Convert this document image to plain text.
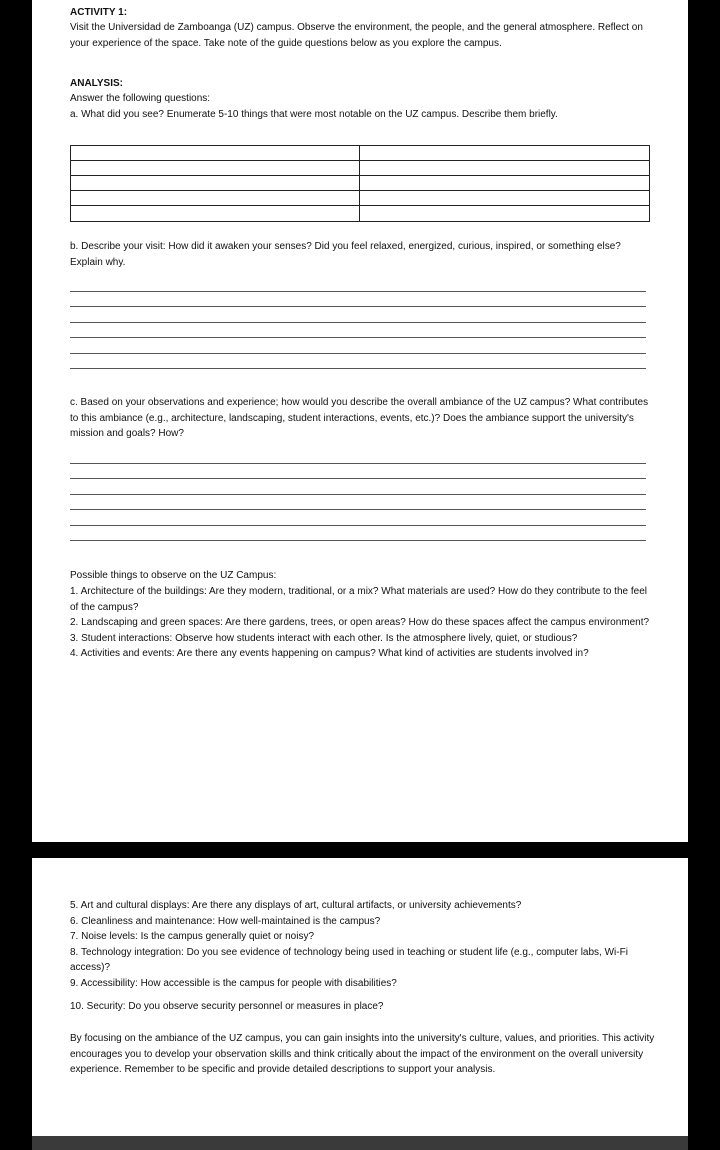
ACTIVITY 1:

Visit the Universidad de Zamboanga (UZ) campus. Observe the environment, the people, and the general atmosphere. Reflect on your experience of the space. Take note of the guide questions below as you explore the campus.

ANALYSIS:

Answer the following questions:

a. What did you see? Enumerate 5-10 things that were most notable on the UZ campus. Describe them briefly.

b. Describe your visit: How did it awaken your senses? Did you feel relaxed, energized, curious, inspired, or something else? Explain why.

c. Based on your observations and experience; how would you describe the overall ambiance of the UZ campus? What contributes to this ambiance (e.g., architecture, landscaping, student interactions, events, etc.)? Does the ambiance support the university's mission and goals? How?

Possible things to observe on the UZ Campus:

1. Architecture of the buildings: Are they modern, traditional, or a mix? What materials are used? How do they contribute to the feel of the campus?
2. Landscaping and green spaces: Are there gardens, trees, or open areas? How do these spaces affect the campus environment?
3. Student interactions: Observe how students interact with each other. Is the atmosphere lively, quiet, or studious?
4. Activities and events: Are there any events happening on campus? What kind of activities are students involved in?
5. Art and cultural displays: Are there any displays of art, cultural artifacts, or university achievements?
6. Cleanliness and maintenance: How well-maintained is the campus?
7. Noise levels: Is the campus generally quiet or noisy?
8. Technology integration: Do you see evidence of technology being used in teaching or student life (e.g., computer labs, Wi-Fi access)?
9. Accessibility: How accessible is the campus for people with disabilities?

10. Security: Do you observe security personnel or measures in place?

By focusing on the ambiance of the UZ campus, you can gain insights into the university's culture, values, and priorities. This activity encourages you to develop your observation skills and think critically about the impact of the environment on the overall university experience. Remember to be specific and provide detailed descriptions to support your analysis.
